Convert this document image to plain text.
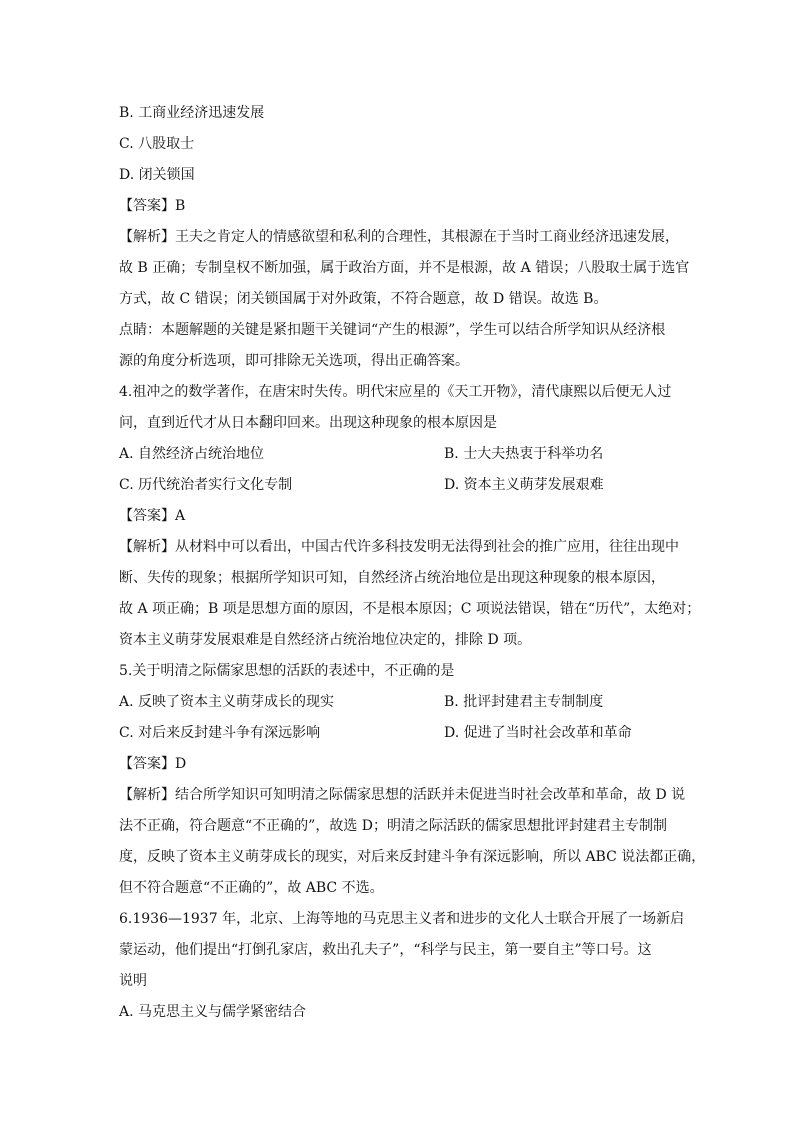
B. 工商业经济迅速发展
C. 八股取士
D. 闭关锁国
【答案】B
【解析】王夫之肯定人的情感欲望和私利的合理性，其根源在于当时工商业经济迅速发展，
故 B 正确；专制皇权不断加强，属于政治方面，并不是根源，故 A 错误；八股取士属于选官
方式，故 C 错误；闭关锁国属于对外政策，不符合题意，故 D 错误。故选 B。
点睛：本题解题的关键是紧扣题干关键词“产生的根源”，学生可以结合所学知识从经济根
源的角度分析选项，即可排除无关选项，得出正确答案。
4.祖冲之的数学著作，在唐宋时失传。明代宋应星的《天工开物》，清代康熙以后便无人过
问，直到近代才从日本翻印回来。出现这种现象的根本原因是
A. 自然经济占统治地位	B. 士大夫热衷于科举功名
C. 历代统治者实行文化专制	D. 资本主义萌芽发展艰难
【答案】A
【解析】从材料中可以看出，中国古代许多科技发明无法得到社会的推广应用，往往出现中
断、失传的现象；根据所学知识可知，自然经济占统治地位是出现这种现象的根本原因，
故 A 项正确；B 项是思想方面的原因，不是根本原因；C 项说法错误，错在“历代”，太绝对；
资本主义萌芽发展艰难是自然经济占统治地位决定的，排除 D 项。
5.关于明清之际儒家思想的活跃的表述中，不正确的是
A. 反映了资本主义萌芽成长的现实	B. 批评封建君主专制制度
C. 对后来反封建斗争有深远影响	D. 促进了当时社会改革和革命
【答案】D
【解析】结合所学知识可知明清之际儒家思想的活跃并未促进当时社会改革和革命，故 D 说
法不正确，符合题意“不正确的”，故选 D；明清之际活跃的儒家思想批评封建君主专制制
度，反映了资本主义萌芽成长的现实，对后来反封建斗争有深远影响，所以 ABC 说法都正确，
但不符合题意“不正确的”，故 ABC 不选。
6.1936—1937 年，北京、上海等地的马克思主义者和进步的文化人士联合开展了一场新启
蒙运动，他们提出“打倒孔家店，救出孔夫子”，“科学与民主，第一要自主”等口号。这
说明
A. 马克思主义与儒学紧密结合
